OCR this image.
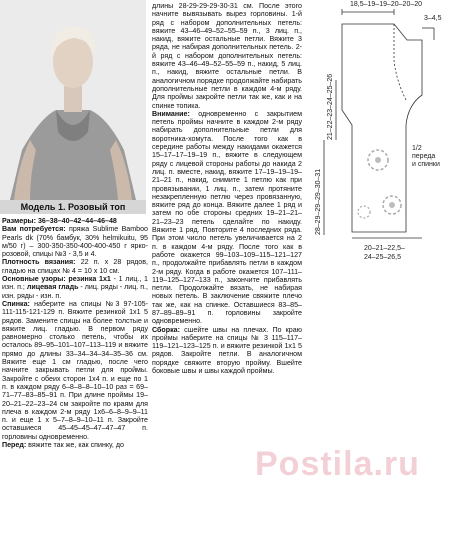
Модель 1. Розовый топ

Размеры: 36–38–40–42–44–46–48

Вам потребуется: пряжа Sublime Bamboo Pearls dk (70% бамбук, 30% helmikuitu, 95 м/50 г) – 300-350-350-400-400-450 г ярко-розовой, спицы №3 - 3,5 и 4.

Плотность вязания: 22 п. х 28 рядов, гладью на спицах № 4 = 10 х 10 см.

Основные узоры: резинка 1х1 - 1 лиц., 1 изн. п.; лицевая гладь - лиц. ряды - лиц. п., изн. ряды - изн. п.

Спинка: наберите на спицы №3 97-105-111-115-121-129 п. Вяжите резинкой 1х1 5 рядов. Замените спицы на более толстые и вяжите лиц. гладью. В первом ряду равномерно столько петель, чтобы их осталось 89–95–101–107–113–119 и вяжите прямо до длины 33–34–34–34–35–36 см. Вяжите еще 1 см гладью, после чего начните закрывать петли для проймы. Закройте с обеих сторон 1х4 п. и еще по 1 п. в каждом ряду 6–8–8–8–10–10 раз = 69–71–77–83–85–91 п. При длине проймы 19–20–21–22–23–24 см закройте по краям для плеча в каждом 2-м ряду 1х6–6–8–9–9–11 п. и еще 1 х 5–7–8–9–10–11 п. Закройте оставшиеся 45–45–45–47–47–47 п. горловины одновременно.

Перед: вяжите так же, как спинку, до

длины 28-29-29-29-30-31 см. После этого начните вывязывать вырез горловины. 1-й ряд с набором дополнительных петель: вяжите 43–46–49–52–55–59 п., 3 лиц. п., накид, вяжите остальные петли. Вяжите 3 ряда, не набирая дополнительных петель. 2-й ряд с набором дополнительных петель: вяжите 43–46–49–52–55–59 п., накид, 5 лиц. п., накид, вяжите остальные петли. В аналогичном порядке продолжайте набирать дополнительные петли в каждом 4-м ряду. Для проймы закройте петли так же, как и на спинке топика.

Внимание: одновременно с закрытием петель проймы начните в каждом 2-м ряду набирать дополнительные петли для воротника-хомута. После того как в середине работы между накидами окажется 15–17–17–19–19 п., вяжите в следующем ряду с лицевой стороны работы до накида 2 лиц. п. вместе, накид, вяжите 17–19–19–19–21–21 п., накид, снимите 1 петлю как при провязывании, 1 лиц. п., затем протяните незакрепленную петлю через провязанную, вяжите ряд до конца. Вяжите далее 1 ряд и затем по обе стороны средних 19–21–21–21–23–23 петель сделайте по накиду. Вяжите 1 ряд. Повторите 4 последних ряда. При этом число петель увеличивается на 2 п. в каждом 4-м ряду. После того как в работе окажется 99–103–109–115–121–127 п., продолжайте прибавлять петли в каждом 2-м ряду. Когда в работе окажется 107–111–119–125–127–133 п., закончите прибавлять петли. Продолжайте вязать, не набирая новых петель. В заключение свяжите плечо так же, как на спинке. Оставшиеся 83–85–87–89–89–91 п. горловины закройте одновременно.

Сборка: сшейте швы на плечах. По краю проймы наберите на спицы № 3 115–117–119–121–123–125 п. и вяжите резинкой 1х1 5 рядов. Закройте петли. В аналогичном порядке свяжите вторую пройму. Вшейте боковые швы и швы каждой проймы.

18,5–19–19–20–20–20
3–4,5
21–22–23–24–25–26
28–29–29–29–30–31
1/2
переда
и спинки
20–21–22,5–
24–25–26,5
Postila.ru
